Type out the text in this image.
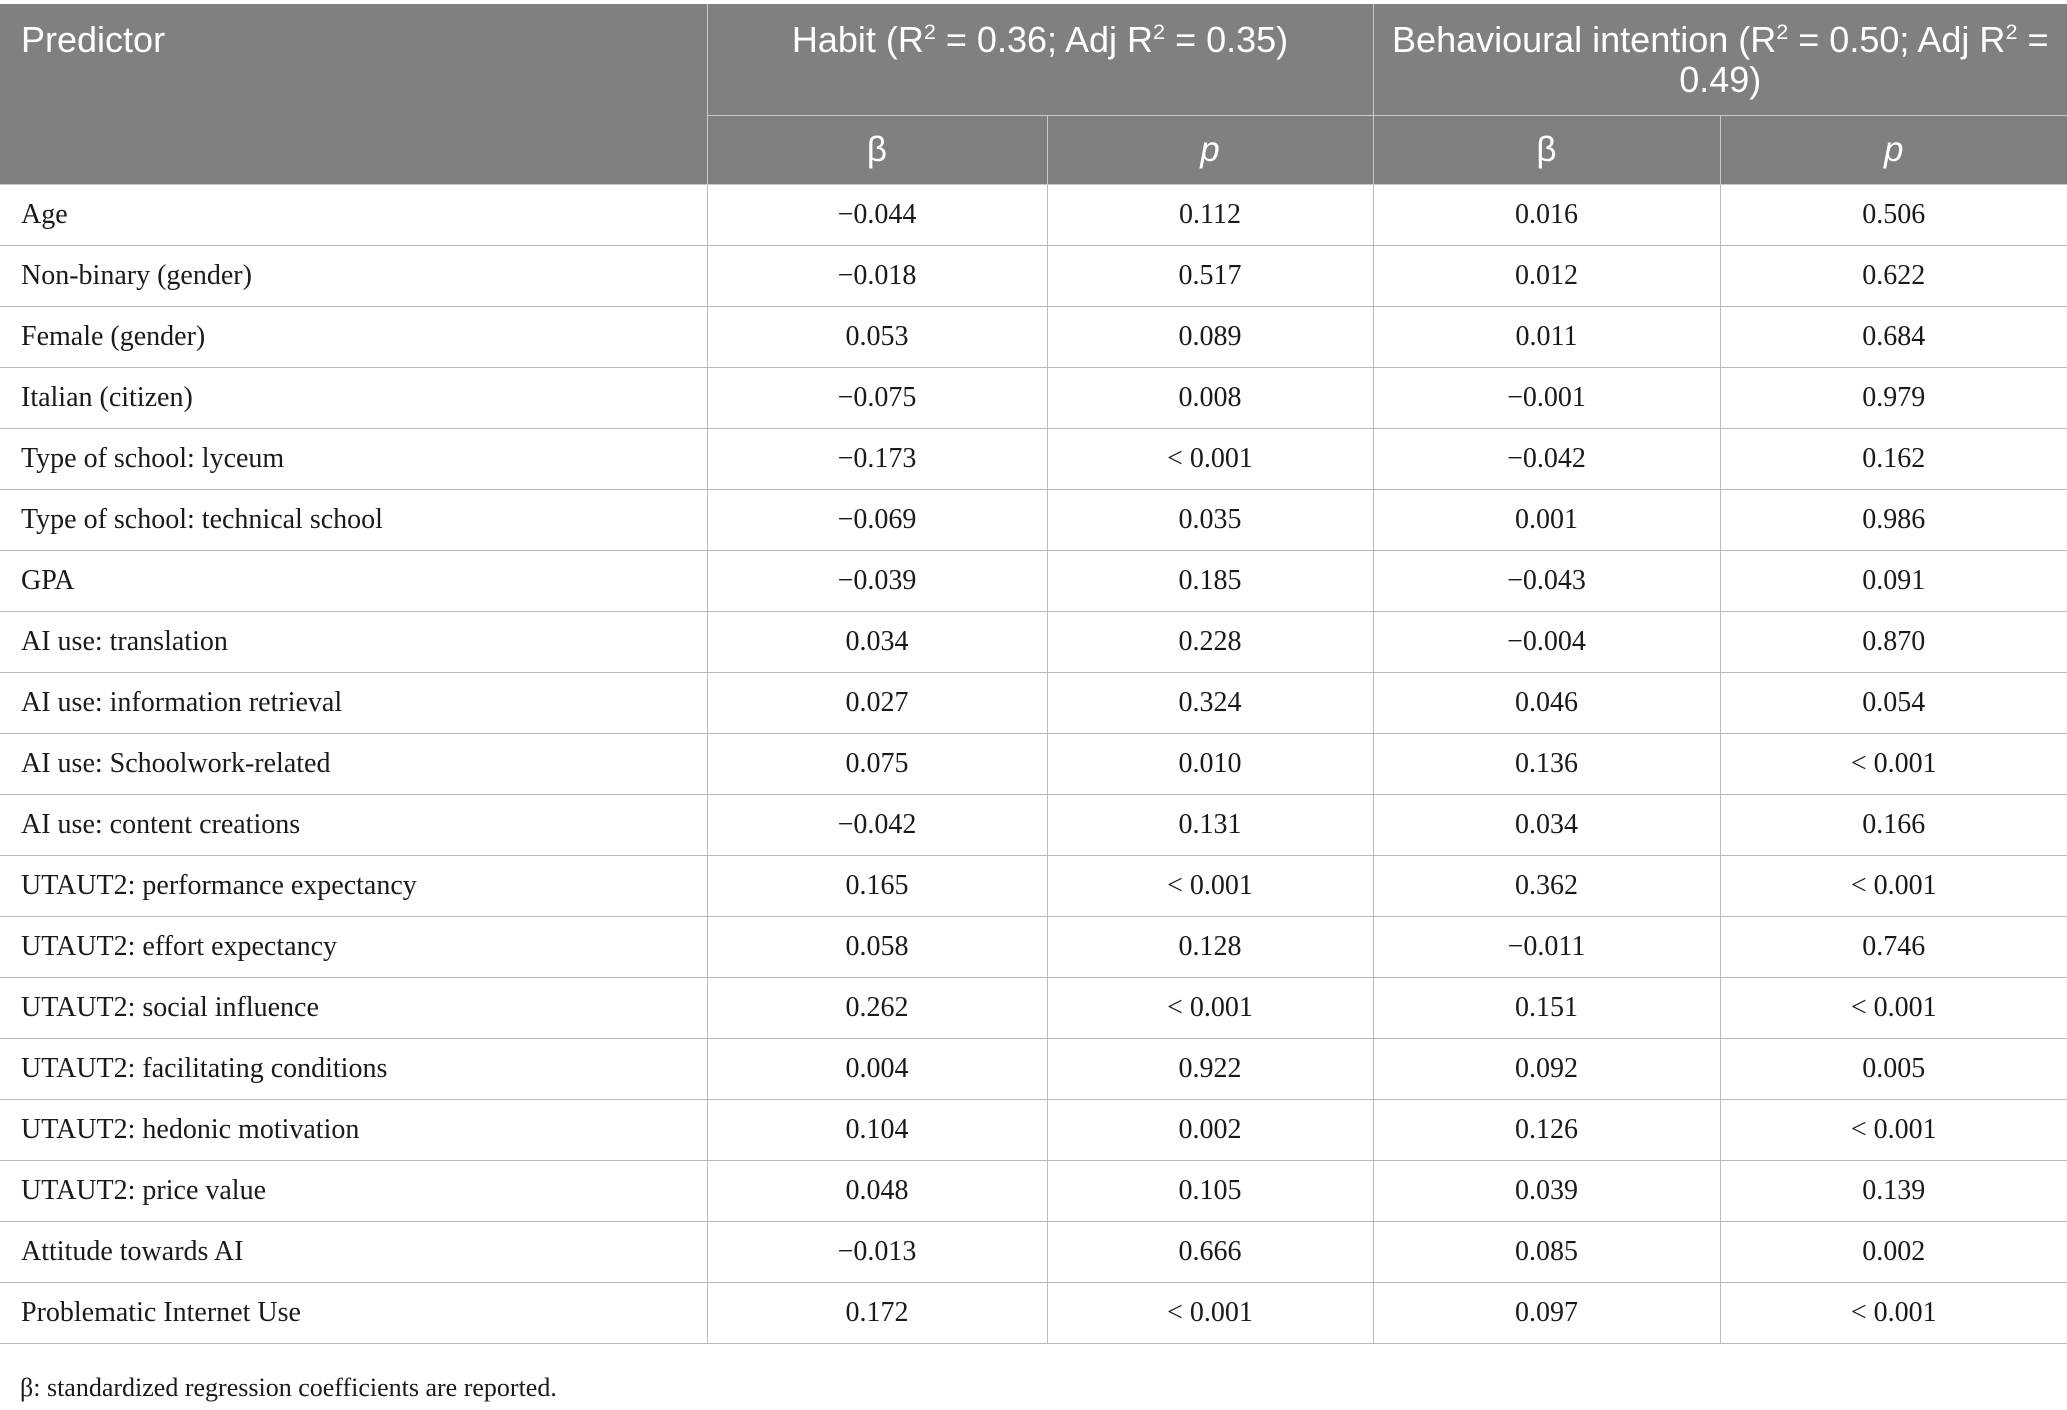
Predictor	Habit ($R^2 = 0.36$; Adj $R^2 = 0.35$)		Behavioural intention ($R^2 = 0.50$; Adj $R^2 = 0.49$)	
	β	p	β	p
Age	−0.044	0.112	0.016	0.506
Non-binary (gender)	−0.018	0.517	0.012	0.622
Female (gender)	0.053	0.089	0.011	0.684
Italian (citizen)	−0.075	0.008	−0.001	0.979
Type of school: lyceum	−0.173	< 0.001	−0.042	0.162
Type of school: technical school	−0.069	0.035	0.001	0.986
GPA	−0.039	0.185	−0.043	0.091
AI use: translation	0.034	0.228	−0.004	0.870
AI use: information retrieval	0.027	0.324	0.046	0.054
AI use: Schoolwork-related	0.075	0.010	0.136	< 0.001
AI use: content creations	−0.042	0.131	0.034	0.166
UTAUT2: performance expectancy	0.165	< 0.001	0.362	< 0.001
UTAUT2: effort expectancy	0.058	0.128	−0.011	0.746
UTAUT2: social influence	0.262	< 0.001	0.151	< 0.001
UTAUT2: facilitating conditions	0.004	0.922	0.092	0.005
UTAUT2: hedonic motivation	0.104	0.002	0.126	< 0.001
UTAUT2: price value	0.048	0.105	0.039	0.139
Attitude towards AI	−0.013	0.666	0.085	0.002
Problematic Internet Use	0.172	< 0.001	0.097	< 0.001
β: standardized regression coefficients are reported.
